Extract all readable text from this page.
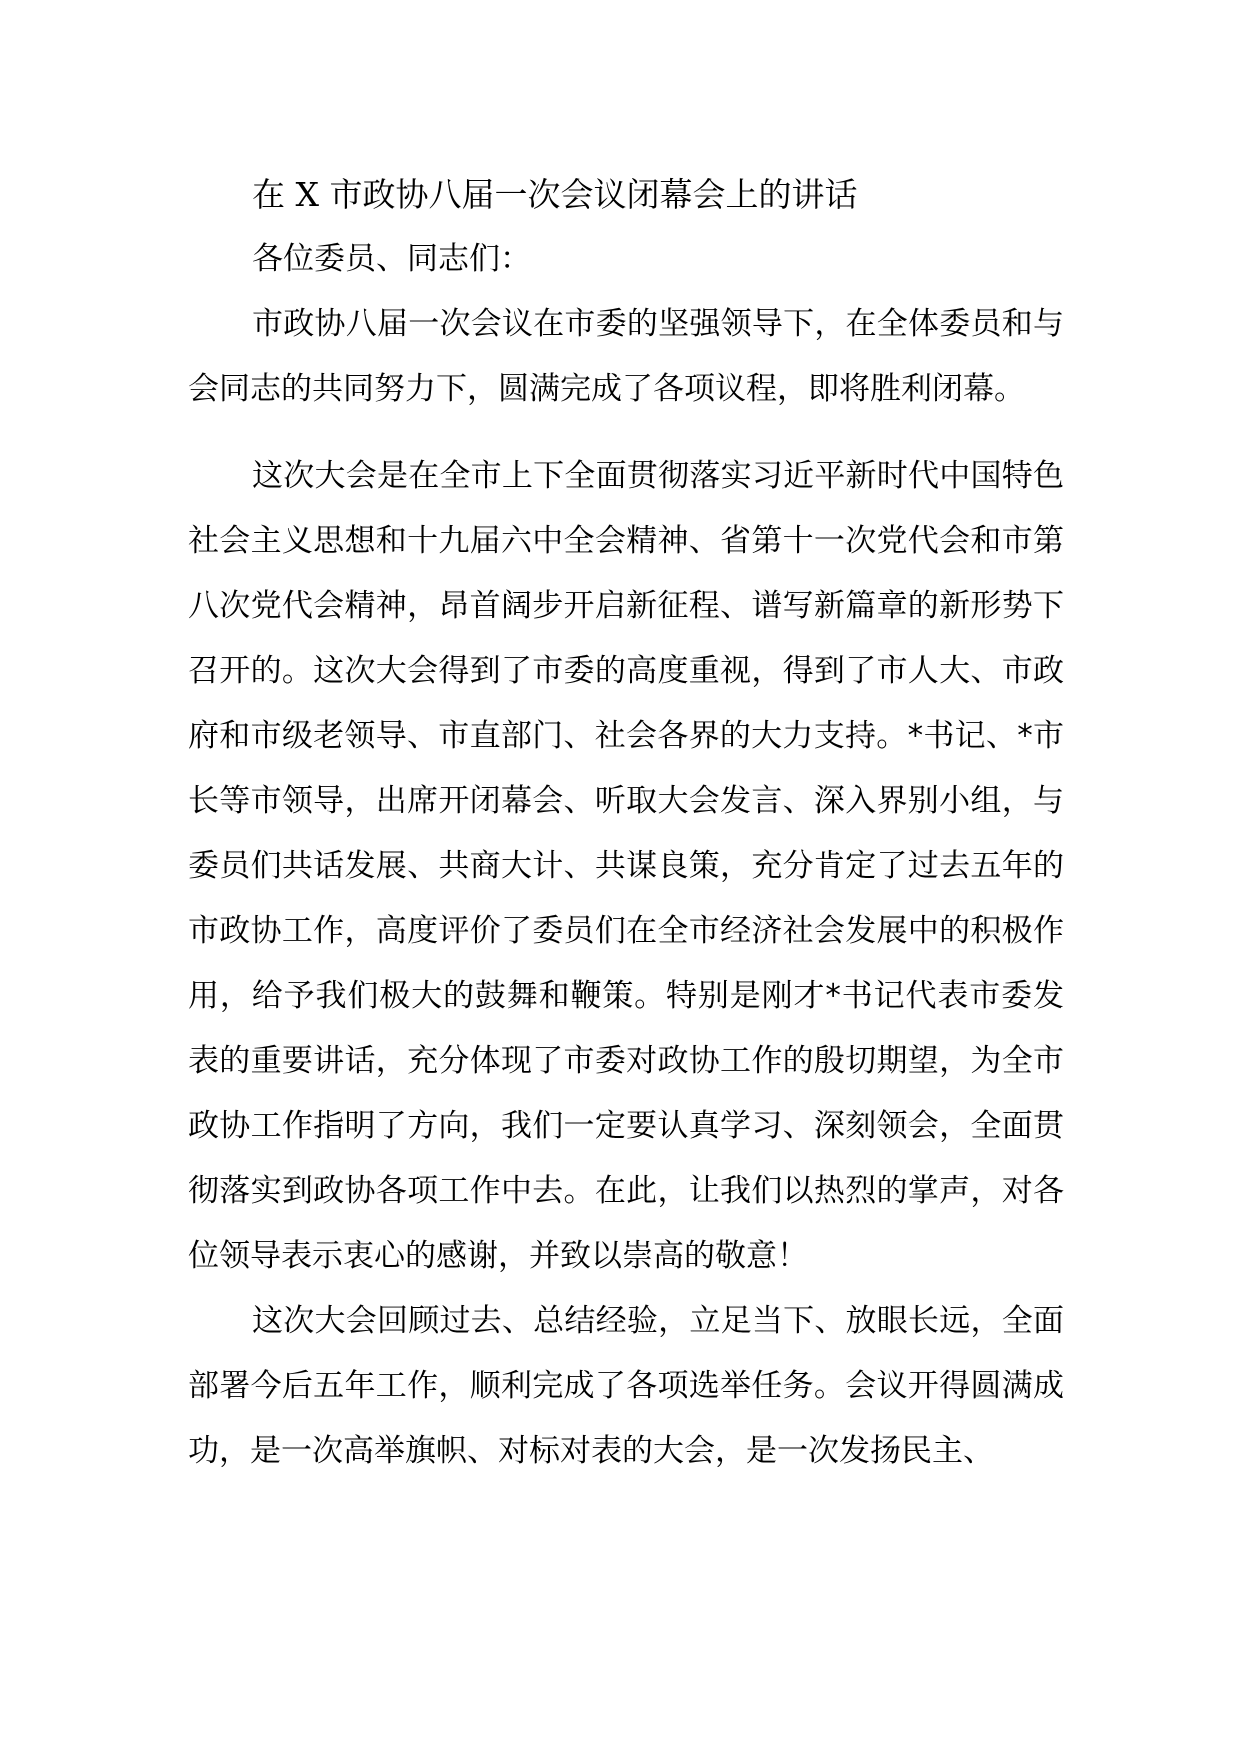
在 X 市政协八届一次会议闭幕会上的讲话

各位委员、同志们：

市政协八届一次会议在市委的坚强领导下，在全体委员和与会同志的共同努力下，圆满完成了各项议程，即将胜利闭幕。

这次大会是在全市上下全面贯彻落实习近平新时代中国特色社会主义思想和十九届六中全会精神、省第十一次党代会和市第八次党代会精神，昂首阔步开启新征程、谱写新篇章的新形势下召开的。这次大会得到了市委的高度重视，得到了市人大、市政府和市级老领导、市直部门、社会各界的大力支持。*书记、*市长等市领导，出席开闭幕会、听取大会发言、深入界别小组，与委员们共话发展、共商大计、共谋良策，充分肯定了过去五年的市政协工作，高度评价了委员们在全市经济社会发展中的积极作用，给予我们极大的鼓舞和鞭策。特别是刚才*书记代表市委发表的重要讲话，充分体现了市委对政协工作的殷切期望，为全市政协工作指明了方向，我们一定要认真学习、深刻领会，全面贯彻落实到政协各项工作中去。在此，让我们以热烈的掌声，对各位领导表示衷心的感谢，并致以崇高的敬意！

这次大会回顾过去、总结经验，立足当下、放眼长远，全面部署今后五年工作，顺利完成了各项选举任务。会议开得圆满成功，是一次高举旗帜、对标对表的大会，是一次发扬民主、
